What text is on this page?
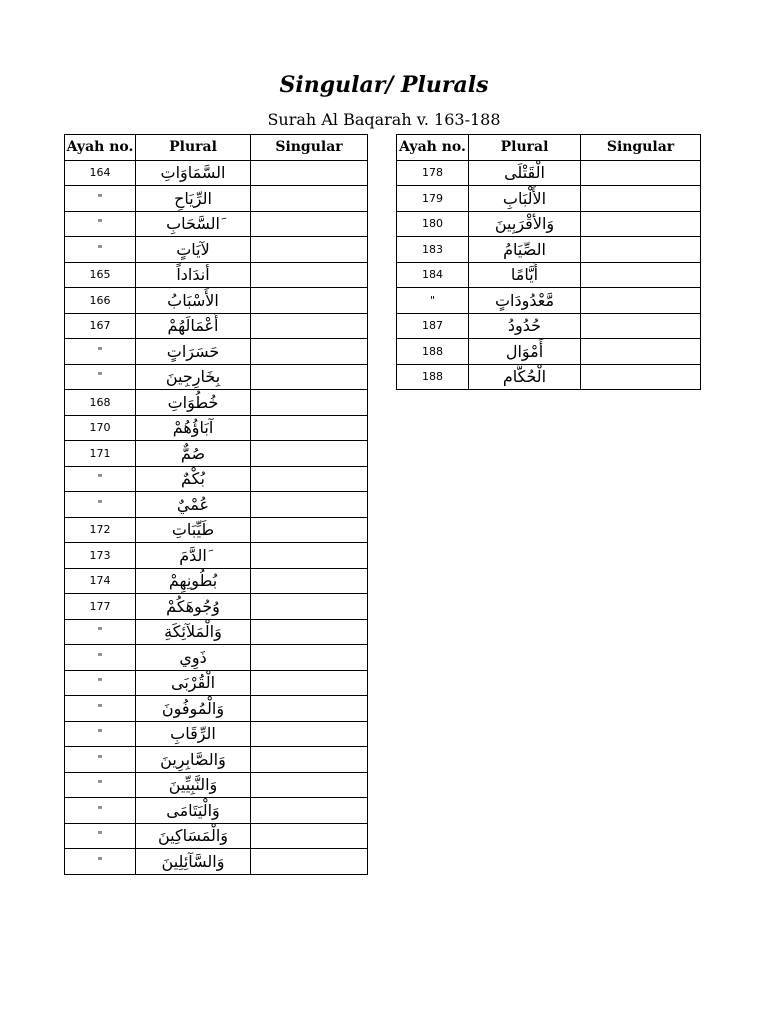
Singular/ Plurals
Surah Al Baqarah v. 163-188
Ayah no.	Plural	Singular
164	السَّمَاوَاتِ	
"	الرِّيَاحِ	
"	َالسَّحَابِ	
"	لآيَاتٍ	
165	أندَاداً	
166	الأَسْبَابُ	
167	أَعْمَالَهُمْ	
"	حَسَرَاتٍ	
"	بِخَارِجِينَ	
168	خُطُوَاتِ	
170	آبَاؤُهُمْ	
171	صُمٌّ	
"	بُكْمٌ	
"	عُمْيٌ	
172	طَيِّبَاتِ	
173	َالدَّمَ	
174	بُطُونِهِمْ	
177	وُجُوهَكُمْ	
"	وَالْمَلآئِكَةِ	
"	ذَوِي	
"	الْقُرْبَى	
"	وَالْمُوفُونَ	
"	الرِّقَابِ	
"	وَالصَّابِرِينَ	
"	وَالنَّبِيِّينَ	
"	وَالْيَتَامَى	
"	وَالْمَسَاكِينَ	
"	وَالسَّآئِلِينَ	
Ayah no.	Plural	Singular
178	الْقَتْلَى	
179	الأَلْبَابِ	
180	وَالأقْرَبِينَ	
183	الصِّيَامُ	
184	أَيَّامًا	
"	مَّعْدُودَاتٍ	
187	حُدُودُ	
188	أَمْوَال	
188	الْحُكَّام	
